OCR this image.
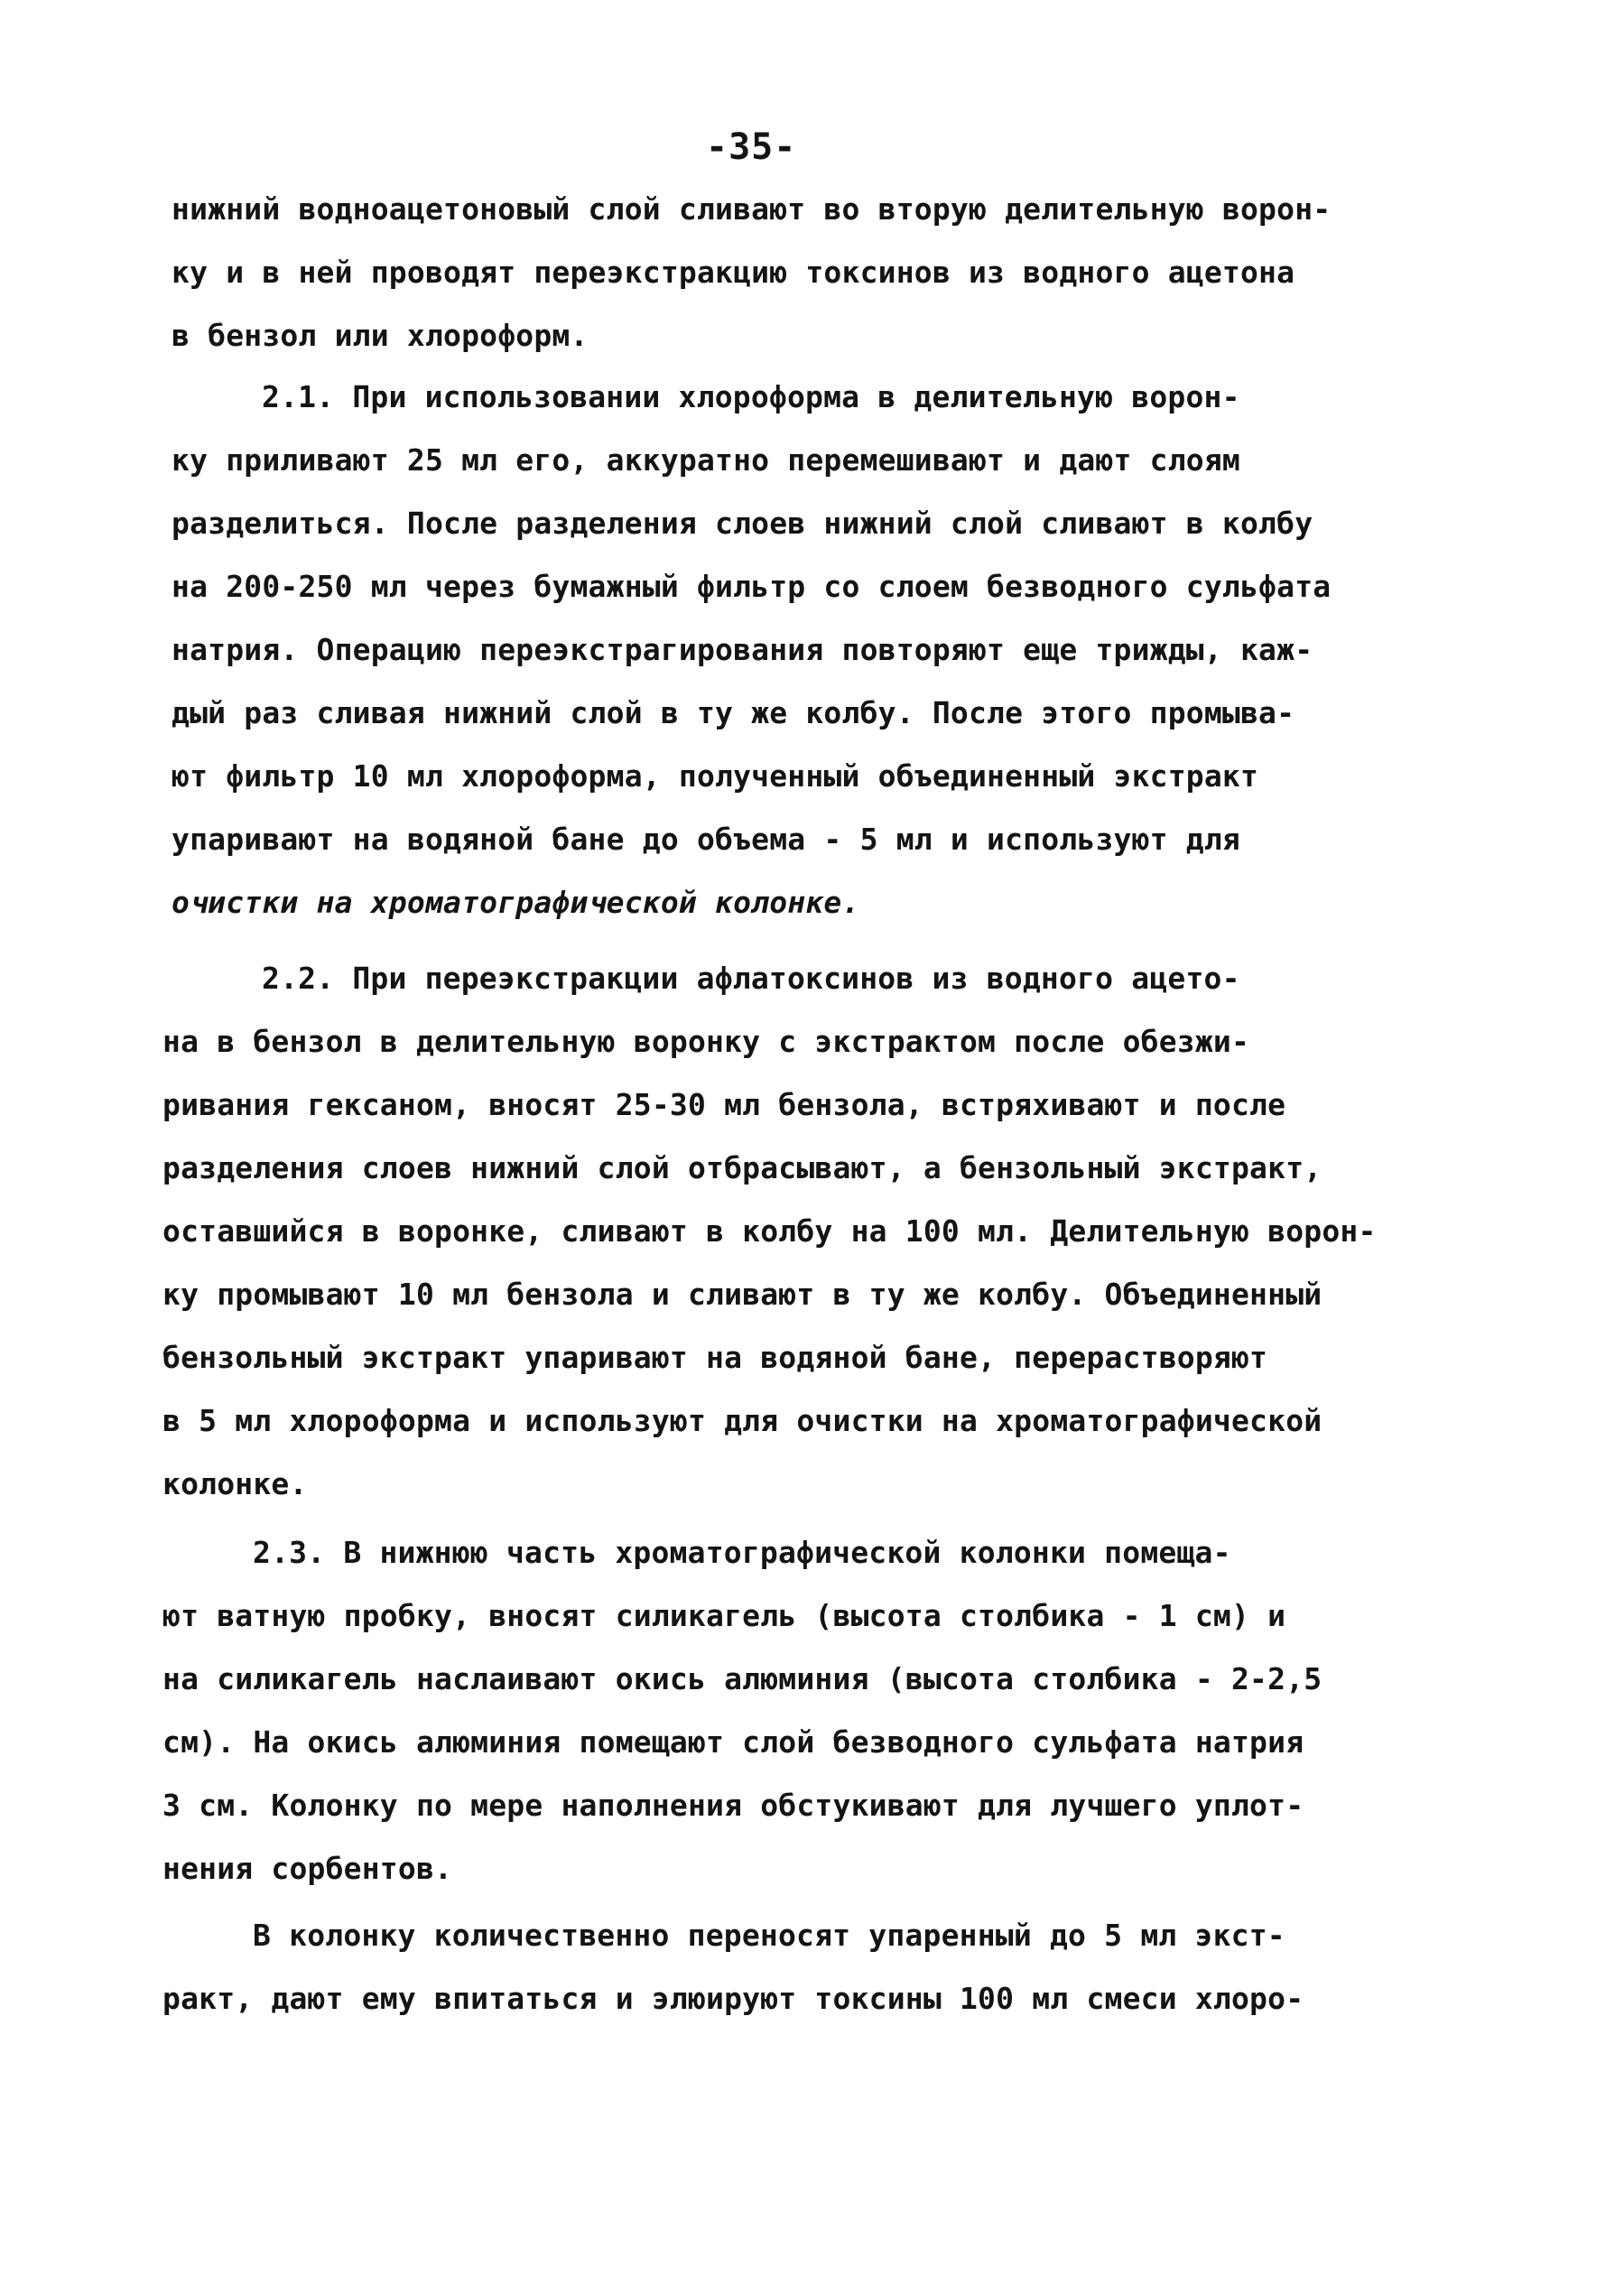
-35-
нижний водноацетоновый слой сливают во вторую делительную ворон-
ку и в ней проводят переэкстракцию токсинов из водного ацетона
в бензол или хлороформ.
2.1. При использовании хлороформа в делительную ворон-
ку приливают 25 мл его, аккуратно перемешивают и дают слоям
разделиться. После разделения слоев нижний слой сливают в колбу
на 200-250 мл через бумажный фильтр со слоем безводного сульфата
натрия. Операцию переэкстрагирования повторяют еще трижды, каж-
дый раз сливая нижний слой в ту же колбу. После этого промыва-
ют фильтр 10 мл хлороформа, полученный объединенный экстракт
упаривают на водяной бане до объема - 5 мл и используют для
очистки на хроматографической колонке.
2.2. При переэкстракции афлатоксинов из водного ацето-
на в бензол в делительную воронку с экстрактом после обезжи-
ривания гексаном, вносят 25-30 мл бензола, встряхивают и после
разделения слоев нижний слой отбрасывают, а бензольный экстракт,
оставшийся в воронке, сливают в колбу на 100 мл. Делительную ворон-
ку промывают 10 мл бензола и сливают в ту же колбу. Объединенный
бензольный экстракт упаривают на водяной бане, перерастворяют
в 5 мл хлороформа и используют для очистки на хроматографической
колонке.
2.3. В нижнюю часть хроматографической колонки помеща-
ют ватную пробку, вносят силикагель (высота столбика - 1 см) и
на силикагель наслаивают окись алюминия (высота столбика - 2-2,5
см). На окись алюминия помещают слой безводного сульфата натрия
3 см. Колонку по мере наполнения обстукивают для лучшего уплот-
нения сорбентов.
В колонку количественно переносят упаренный до 5 мл экст-
ракт, дают ему впитаться и элюируют токсины 100 мл смеси хлоро-
